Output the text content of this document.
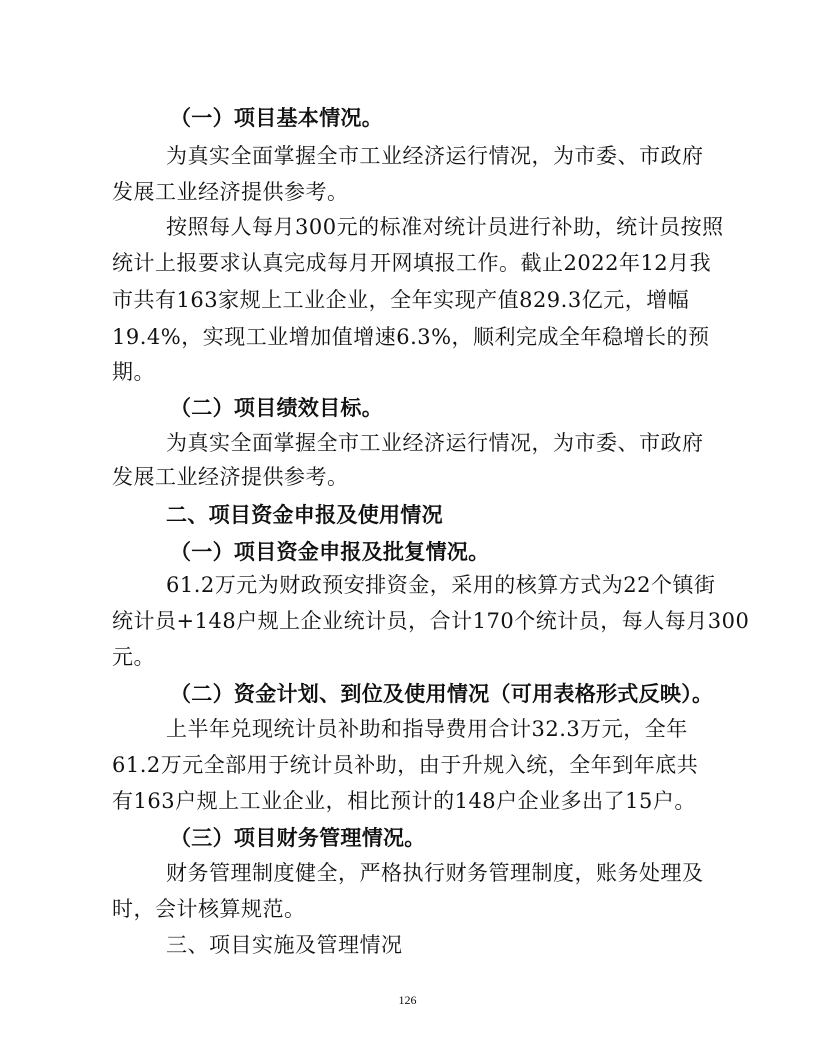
（一）项目基本情况。
为真实全面掌握全市工业经济运行情况，为市委、市政府
发展工业经济提供参考。
按照每人每月300元的标准对统计员进行补助，统计员按照
统计上报要求认真完成每月开网填报工作。截止2022年12月我
市共有163家规上工业企业，全年实现产值829.3亿元，增幅
19.4%，实现工业增加值增速6.3%，顺利完成全年稳增长的预
期。
（二）项目绩效目标。
为真实全面掌握全市工业经济运行情况，为市委、市政府
发展工业经济提供参考。
二、项目资金申报及使用情况
（一）项目资金申报及批复情况。
61.2万元为财政预安排资金，采用的核算方式为22个镇街
统计员+148户规上企业统计员，合计170个统计员，每人每月300
元。
（二）资金计划、到位及使用情况（可用表格形式反映）。
上半年兑现统计员补助和指导费用合计32.3万元，全年
61.2万元全部用于统计员补助，由于升规入统，全年到年底共
有163户规上工业企业，相比预计的148户企业多出了15户。
（三）项目财务管理情况。
财务管理制度健全，严格执行财务管理制度，账务处理及
时，会计核算规范。
三、项目实施及管理情况
126
